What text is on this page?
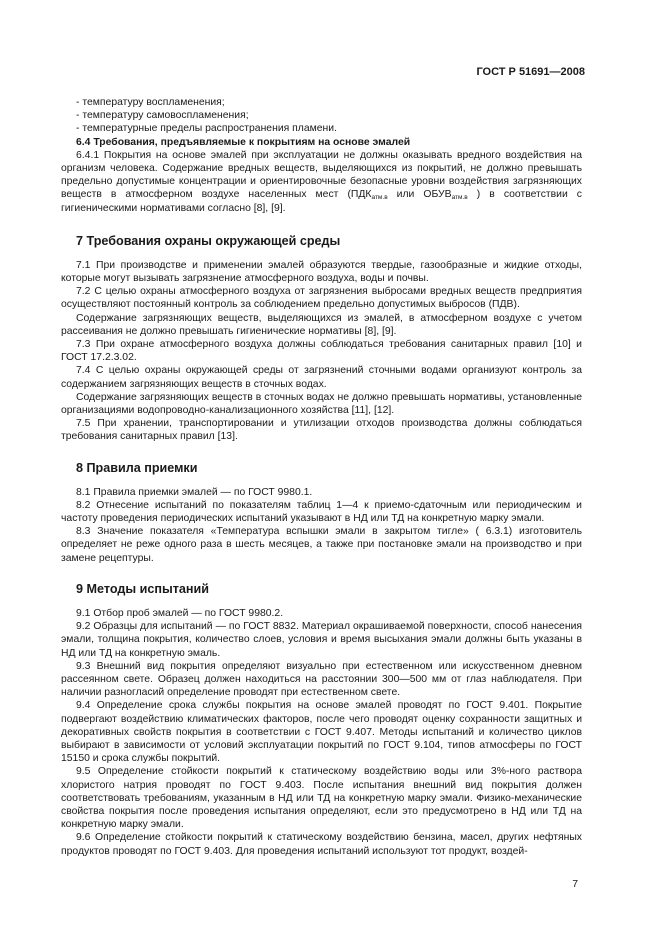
ГОСТ Р 51691—2008
- температуру воспламенения;
- температуру самовоспламенения;
- температурные пределы распространения пламени.

6.4 Требования, предъявляемые к покрытиям на основе эмалей

6.4.1 Покрытия на основе эмалей при эксплуатации не должны оказывать вредного воздействия на организм человека. Содержание вредных веществ, выделяющихся из покрытий, не должно превышать предельно допустимые концентрации и ориентировочные безопасные уровни воздействия загрязняющих веществ в атмосферном воздухе населенных мест ($ПДК_{атм.в}$ или $ОБУВ_{атм.в}$ ) в соответствии с гигиеническими нормативами согласно [8], [9].

7 Требования охраны окружающей среды

7.1 При производстве и применении эмалей образуются твердые, газообразные и жидкие отходы, которые могут вызывать загрязнение атмосферного воздуха, воды и почвы.

7.2 С целью охраны атмосферного воздуха от загрязнения выбросами вредных веществ предприятия осуществляют постоянный контроль за соблюдением предельно допустимых выбросов (ПДВ).

Содержание загрязняющих веществ, выделяющихся из эмалей, в атмосферном воздухе с учетом рассеивания не должно превышать гигиенические нормативы [8], [9].

7.3 При охране атмосферного воздуха должны соблюдаться требования санитарных правил [10] и ГОСТ 17.2.3.02.

7.4 С целью охраны окружающей среды от загрязнений сточными водами организуют контроль за содержанием загрязняющих веществ в сточных водах.

Содержание загрязняющих веществ в сточных водах не должно превышать нормативы, установленные организациями водопроводно-канализационного хозяйства [11], [12].

7.5 При хранении, транспортировании и утилизации отходов производства должны соблюдаться требования санитарных правил [13].

8 Правила приемки

8.1 Правила приемки эмалей — по ГОСТ 9980.1.

8.2 Отнесение испытаний по показателям таблиц 1—4 к приемо-сдаточным или периодическим и частоту проведения периодических испытаний указывают в НД или ТД на конкретную марку эмали.

8.3 Значение показателя «Температура вспышки эмали в закрытом тигле» ( 6.3.1) изготовитель определяет не реже одного раза в шесть месяцев, а также при постановке эмали на производство и при замене рецептуры.

9 Методы испытаний

9.1 Отбор проб эмалей — по ГОСТ 9980.2.

9.2 Образцы для испытаний — по ГОСТ 8832. Материал окрашиваемой поверхности, способ нанесения эмали, толщина покрытия, количество слоев, условия и время высыхания эмали должны быть указаны в НД или ТД на конкретную эмаль.

9.3 Внешний вид покрытия определяют визуально при естественном или искусственном дневном рассеянном свете. Образец должен находиться на расстоянии 300—500 мм от глаз наблюдателя. При наличии разногласий определение проводят при естественном свете.

9.4 Определение срока службы покрытия на основе эмалей проводят по ГОСТ 9.401. Покрытие подвергают воздействию климатических факторов, после чего проводят оценку сохранности защитных и декоративных свойств покрытия в соответствии с ГОСТ 9.407. Методы испытаний и количество циклов выбирают в зависимости от условий эксплуатации покрытий по ГОСТ 9.104, типов атмосферы по ГОСТ 15150 и срока службы покрытий.

9.5 Определение стойкости покрытий к статическому воздействию воды или 3%-ного раствора хлористого натрия проводят по ГОСТ 9.403. После испытания внешний вид покрытия должен соответствовать требованиям, указанным в НД или ТД на конкретную марку эмали. Физико-механические свойства покрытия после проведения испытания определяют, если это предусмотрено в НД или ТД на конкретную марку эмали.

9.6 Определение стойкости покрытий к статическому воздействию бензина, масел, других нефтяных продуктов проводят по ГОСТ 9.403. Для проведения испытаний используют тот продукт, воздей-

7
